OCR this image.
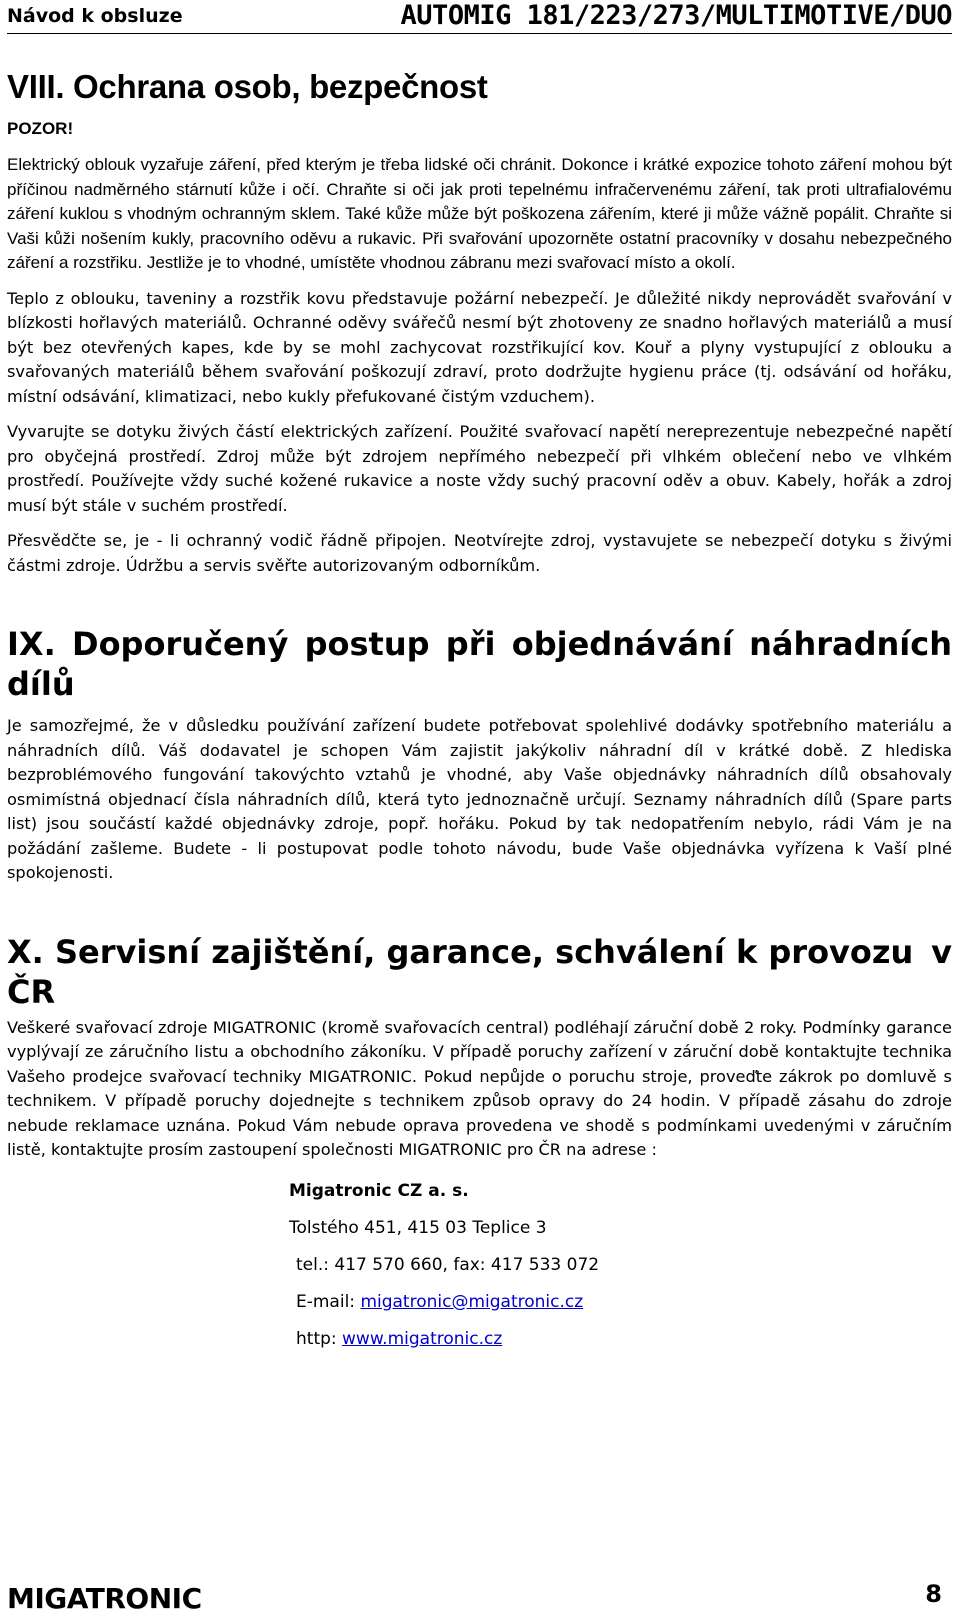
Návod k obsluze	AUTOMIG 181/223/273/MULTIMOTIVE/DUO
VIII. Ochrana osob, bezpečnost
POZOR!

Elektrický oblouk vyzařuje záření, před kterým je třeba lidské oči chránit. Dokonce i krátké expozice tohoto záření mohou být příčinou nadměrného stárnutí kůže i očí. Chraňte si oči jak proti tepelnému infračervenému záření, tak proti ultrafialovému záření kuklou s vhodným ochranným sklem. Také kůže může být poškozena zářením, které ji může vážně popálit. Chraňte si Vaši kůži nošením kukly, pracovního oděvu a rukavic. Při svařování upozorněte ostatní pracovníky v dosahu nebezpečného záření a rozstřiku. Jestliže je to vhodné, umístěte vhodnou zábranu mezi svařovací místo a okolí.

Teplo z oblouku, taveniny a rozstřik kovu představuje požární nebezpečí. Je důležité nikdy neprovádět svařování v blízkosti hořlavých materiálů. Ochranné oděvy svářečů nesmí být zhotoveny ze snadno hořlavých materiálů a musí být bez otevřených kapes, kde by se mohl zachycovat rozstřikující kov. Kouř a plyny vystupující z oblouku a svařovaných materiálů během svařování poškozují zdraví, proto dodržujte hygienu práce (tj. odsávání od hořáku, místní odsávání, klimatizaci, nebo kukly přefukované čistým vzduchem).

Vyvarujte se dotyku živých částí elektrických zařízení. Použité svařovací napětí nereprezentuje nebezpečné napětí pro obyčejná prostředí. Zdroj může být zdrojem nepřímého nebezpečí při vlhkém oblečení nebo ve vlhkém prostředí. Používejte vždy suché kožené rukavice a noste vždy suchý pracovní oděv a obuv. Kabely, hořák a zdroj musí být stále v suchém prostředí.

Přesvědčte se, je - li ochranný vodič řádně připojen. Neotvírejte zdroj, vystavujete se nebezpečí dotyku s živými částmi zdroje. Údržbu a servis svěřte autorizovaným odborníkům.

IX. Doporučený postup při objednávání náhradních
dílů

Je samozřejmé, že v důsledku používání zařízení budete potřebovat spolehlivé dodávky spotřebního materiálu a náhradních dílů. Váš dodavatel je schopen Vám zajistit jakýkoliv náhradní díl v krátké době. Z hlediska bezproblémového fungování takovýchto vztahů je vhodné, aby Vaše objednávky náhradních dílů obsahovaly osmimístná objednací čísla náhradních dílů, která tyto jednoznačně určují. Seznamy náhradních dílů (Spare parts list) jsou součástí každé objednávky zdroje, popř. hořáku. Pokud by tak nedopatřením nebylo, rádi Vám je na požádání zašleme. Budete - li postupovat podle tohoto návodu, bude Vaše objednávka vyřízena k Vaší plné spokojenosti.

X. Servisní zajištění, garance, schválení k provozu v
ČR

Veškeré svařovací zdroje MIGATRONIC (kromě svařovacích central) podléhají záruční době 2 roky. Podmínky garance vyplývají ze záručního listu a obchodního zákoníku. V případě poruchy zařízení v záruční době kontaktujte technika Vašeho prodejce svařovací techniky MIGATRONIC. Pokud nepůjde o poruchu stroje, proveďte zákrok po domluvě s technikem. V případě poruchy dojednejte s technikem způsob opravy do 24 hodin. V případě zásahu do zdroje nebude reklamace uznána. Pokud Vám nebude oprava provedena ve shodě s podmínkami uvedenými v záručním listě, kontaktujte prosím zastoupení společnosti MIGATRONIC pro ČR na adrese :

Migatronic CZ a. s.
Tolstého 451, 415 03 Teplice 3
tel.: 417 570 660, fax: 417 533 072
E-mail: migatronic@migatronic.cz
http: www.migatronic.cz
MIGATRONIC	8
